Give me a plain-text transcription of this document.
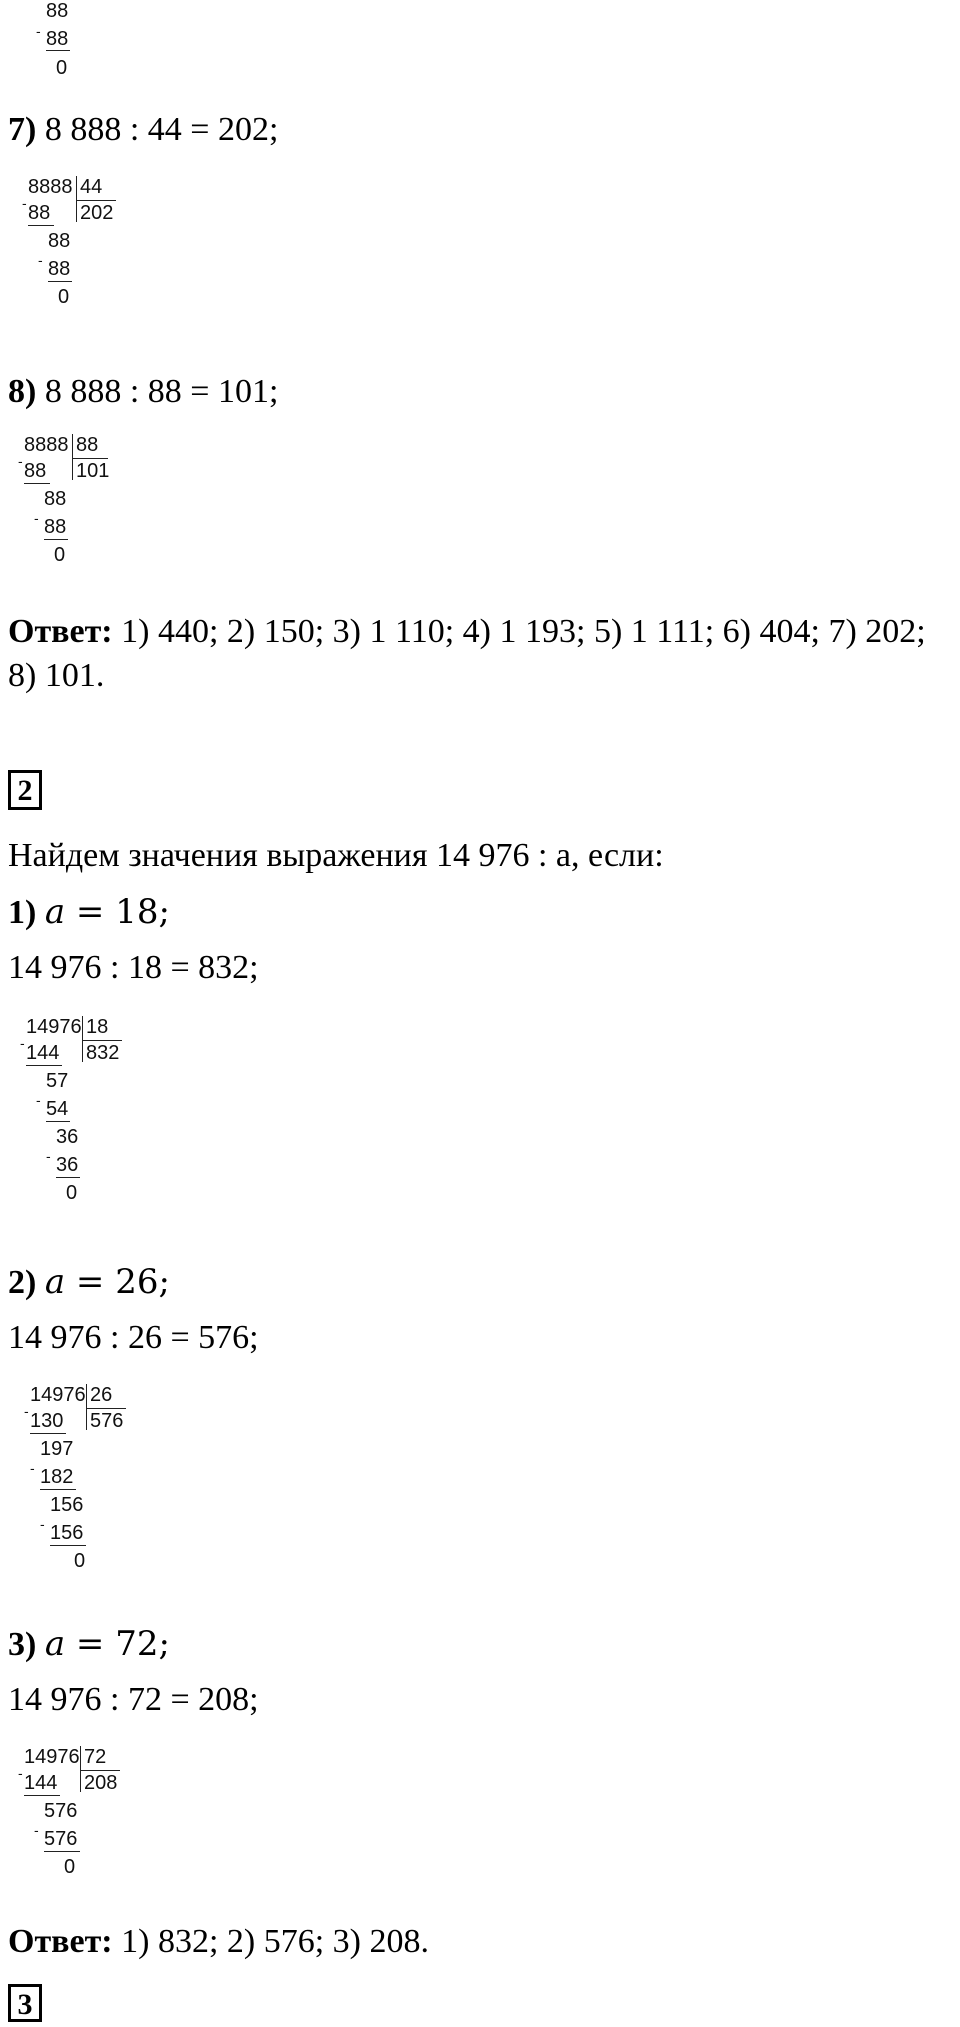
88
- 88
0
7) 8 888 : 44 = 202;
8888 44
202
- 88
88
- 88
0
8) 8 888 : 88 = 101;
8888 88
101
- 88
88
- 88
0
Ответ: 1) 440; 2) 150; 3) 1 110; 4) 1 193; 5) 1 111; 6) 404; 7) 202;
8) 101.
2
Найдем значения выражения 14 976 : a, если:
1) a = 18;
14 976 : 18 = 832;
14976 18
832
- 144
57
- 54
36
- 36
0
2) a = 26;
14 976 : 26 = 576;
14976 26
576
- 130
197
- 182
156
- 156
0
3) a = 72;
14 976 : 72 = 208;
14976 72
208
- 144
576
- 576
0
Ответ: 1) 832; 2) 576; 3) 208.
3
